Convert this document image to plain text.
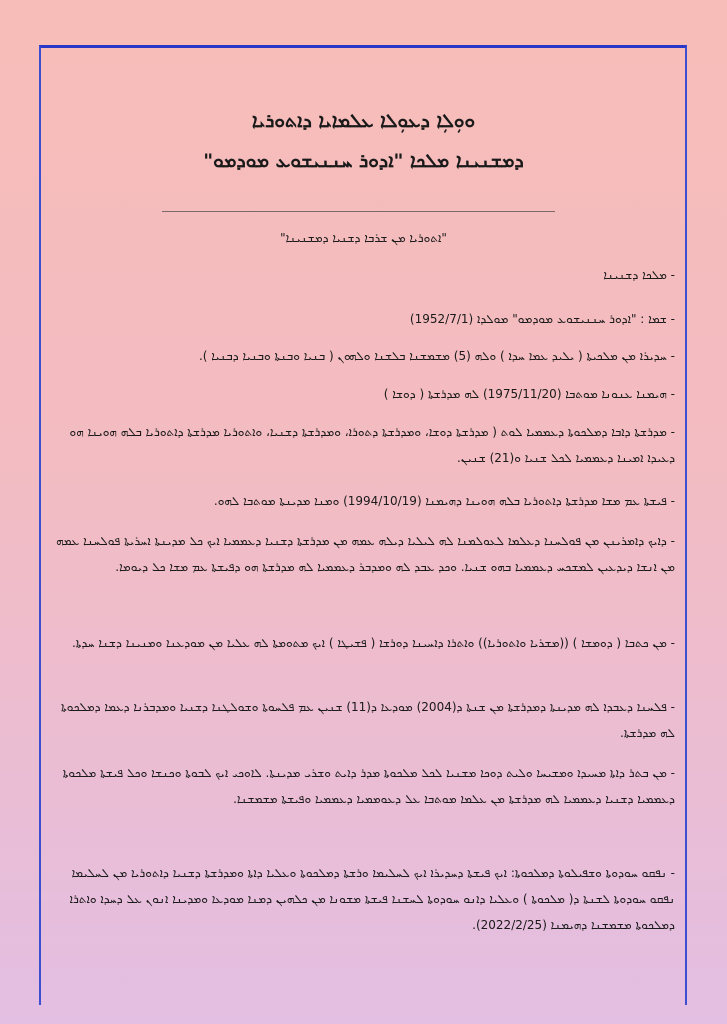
ܘܘܼܠܼܐ ܕܥܘܼܠܐ ܥܠܡܐܝܐ ܕܐܬܘܪܝܐ
ܕܡܫܢܝܢܐ ܡܠܟܐ "ܐܕܘܪ ܚܢܢܝܫܘܥ ܡܘܕܡܘ"
"ܐܬܘܪܝܐ ܡܢ ܫܪܒܐ ܕܫܢܝܐ ܕܡܫܢܝܢܐ"
- ܡܠܟܐ ܕܫܢܝܢܐ
- ܫܡܐ : "ܐܕܘܪ ܚܢܢܝܫܘܥ ܡܘܕܡܘ" ܡܘܠܕܐ (1952/7/1)
- ܚܕܝܪܐ ܡܢ ܡܠܟܝܬܐ ( ܝܠܝܕ ܥܡܐ ܚܕܐ ) ܘܠܗ (5) ܡܫܡܫܢܐ ܒܠܫܢܐ ܘܠܗܘܢ ( ܒܢܝܐ ܘܒܢܬܐ ܘܒܢܝܐ ܕܒܢܝܐ ).
- ܗܝܡܢܐ ܥܢܘܢܐ ܡܘܬܒܐ (1975/11/20) ܠܗ ܡܕܪܫܬܐ ( ܕܘܫܐ )
- ܡܕܪܫܬܐ ܕܐܒܐ ܕܡܠܟܘܬܐ ܕܥܡܡܝܐ ܠܘܬ ( ܡܕܪܫܬܐ ܕܘܫܐ، ܘܡܕܪܫܬܐ ܕܬܘܪܐ، ܘܡܕܪܫܬܐ ܕܫܢܝܐ، ܘܐܬܘܪܝܐ ܡܕܪܫܬܐ ܕܐܬܘܪܝܐ ܒܠܗ ܗܘܝܢܐ ܗܘ ܕܥܝܕܐ ܐܡܝܢܐ ܕܥܡܡܝܐ ܠܟܠ ܫܢܝܐ ܘ(21) ܫܢܝܢ.
- ܦܝܫܬܐ ܥܡ ܡܫܐ ܡܕܪܫܬܐ ܕܐܬܘܪܝܐ ܒܠܗ ܗܘܝܢܐ ܕܗܝܡܢܐ (1994/10/19) ܘܡܢܐ ܡܕܝܢܬܐ ܡܘܬܒܐ ܠܗܘ.
- ܕܐܝܟ ܕܐܡܪܝܢܢ ܡܢ ܦܘܠܚܢܐ ܕܥܠܡܐ ܠܥܘܠܡܢܐ ܠܗ ܠܝܠܝܐ ܕܝܠܗ ܥܡܗ ܡܢ ܡܕܪܫܬܐ ܕܫܢܝܐ ܕܥܡܡܝܐ ܐܝܟ ܟܠ ܡܕܝܢܬܐ ܐܚܪܝܬܐ ܦܘܠܚܢܐ ܥܡܗ ܡܢ ܐܢܫܐ ܕܝܕܥܝܢ ܠܡܫܟܚ ܕܥܡܡܝܐ ܒܗܘ ܫܢܝܐ. ܘܟܕ ܥܒܕ ܠܗ ܘܡܕܒܪ ܕܥܡܡܝܐ ܠܗ ܡܕܪܫܬܐ ܗܘ ܕܦܝܫܬܐ ܥܡ ܡܫܐ ܟܠ ܕܝܘܡܐ.
- ܡܢ ܟܬܒܐ ( ܕܘܡܫܐ ) ((ܡܫܪܝܐ ܘܐܬܘܪܝܐ)) ܘܐܬܪܐ ܕܐܚܝܢܐ ܕܘܪܫܐ ( ܦܫܝܛܐ ) ܐܝܟ ܡܬܘܡܬܐ ܠܗ ܥܠܝܐ ܡܢ ܡܘܕܥܢܐ ܘܡܢܝܢܐ ܕܫܢܐ ܚܕܬܐ.
- ܦܠܚܢܐ ܕܥܒܕܐ ܠܗ ܡܕܝܢܬܐ ܕܡܕܪܫܬܐ ܡܢ ܫܢܬܐ ܕ(2004) ܡܘܕܥܐ ܕ(11) ܫܢܝܢ ܥܡ ܦܠܚܘܬܐ ܘܫܘܠܛܢܐ ܕܫܢܝܐ ܘܡܕܒܪܢܐ ܕܥܡܐ ܕܡܠܟܘܬܐ ܠܗ ܡܕܪܫܬܐ.
- ܡܢ ܒܬܪ ܕܐܬܐ ܡܚܝܕܐ ܘܡܫܝܚܐ ܘܠܝܬ ܕܘܟܐ ܡܫܢܝܐ ܠܟܠ ܡܠܟܘܬܐ ܡܕܪ ܕܐܝܬ ܘܫܪܝ ܡܕܝܢܬܐ. ܠܐܘܟܝ ܐܝܟ ܠܒܘܬܐ ܘܟܢܫܐ ܘܟܠ ܦܝܫܬܐ ܡܠܟܘܬܐ ܕܥܡܡܝܐ ܕܫܢܝܐ ܕܥܡܡܝܐ ܠܗ ܡܕܪܫܬܐ ܡܢ ܥܠܡܐ ܡܘܬܒܐ ܥܠ ܕܥܘܡܡܝܐ ܕܥܡܡܝܐ ܘܦܝܫܬܐ ܡܫܡܫܢܐ.
- ܢܦܩܘ ܚܘܕܘܬܐ ܘܫܦܝܠܘܬܐ ܕܡܠܟܘܬܐ: ܐܝܟ ܦܝܫܬܐ ܕܚܕܝܪܐ ܐܝܟ ܠܚܠܝܡܐ ܘܪܫܬܐ ܕܡܠܟܘܬܐ ܘܥܠܝܐ ܕܐܬܐ ܘܡܕܪܫܬܐ ܕܫܢܝܐ ܕܐܬܘܪܝܐ ܡܢ ܠܚܠܝܡܐ ܢܦܩܘ ܚܘܕܘܬܐ ܠܫܢܬܐ ܕ( ܡܠܟܘܬܐ ) ܘܥܠܝܐ ܕܐܢܘ ܚܘܕܘܬܐ ܠܚܫܢܐ ܦܝܫܬܐ ܡܫܘܢܐ ܡܢ ܟܠܗܝܢ ܕܡܢܐ ܡܘܕܥܐ ܘܡܕܝܢܐ ܐܢܘܢ ܥܠ ܕܚܕܐ ܘܐܬܪܐ ܕܡܠܟܘܬܐ ܡܫܡܫܢܐ ܕܗܝܡܢܐ (2022/2/25).
